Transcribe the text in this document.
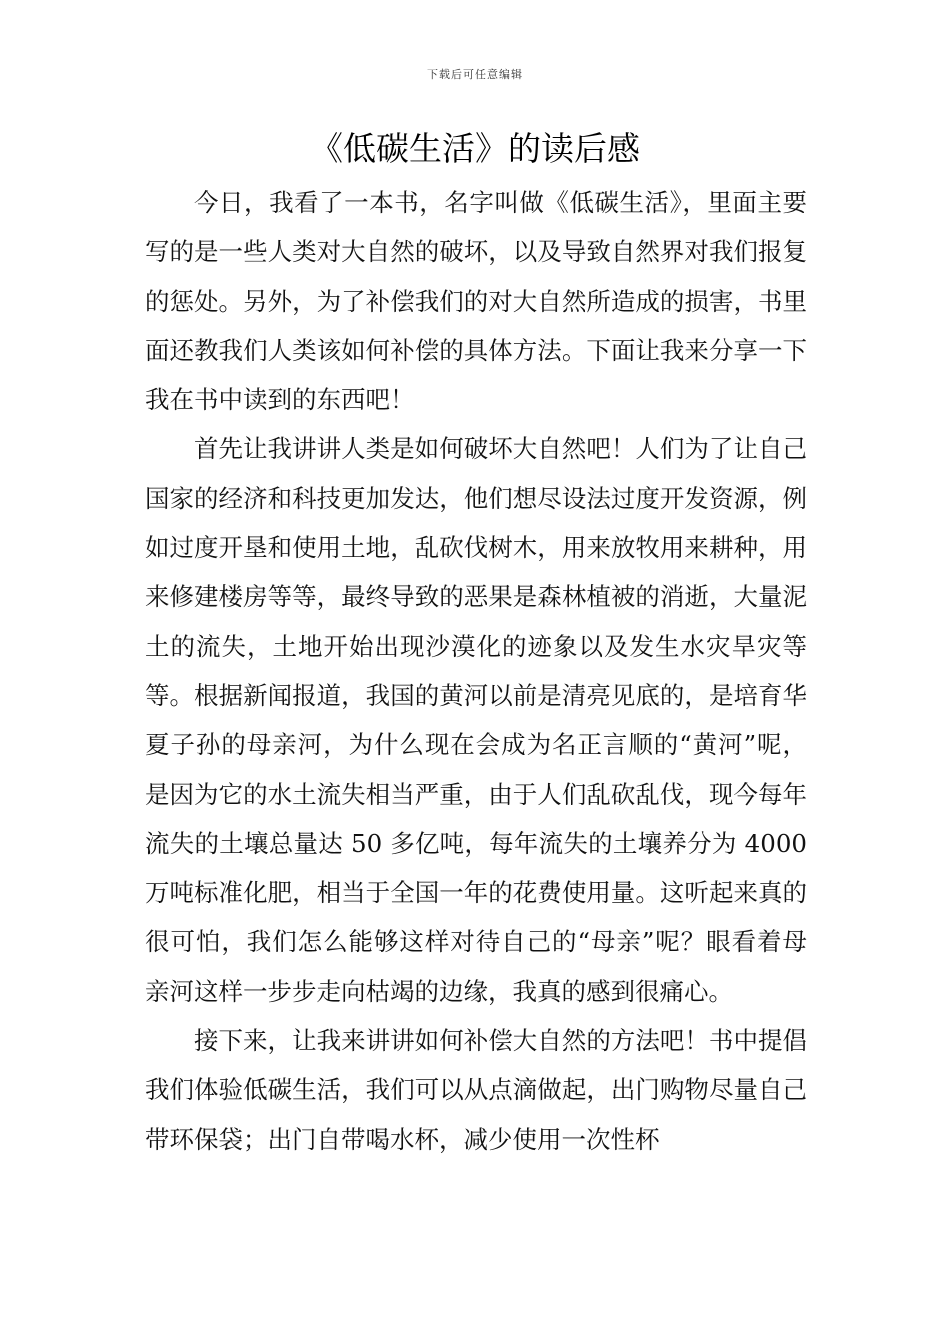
下载后可任意编辑
《低碳生活》的读后感

今日，我看了一本书，名字叫做《低碳生活》，里面主要写的是一些人类对大自然的破坏，以及导致自然界对我们报复的惩处。另外，为了补偿我们的对大自然所造成的损害，书里面还教我们人类该如何补偿的具体方法。下面让我来分享一下我在书中读到的东西吧！

首先让我讲讲人类是如何破坏大自然吧！人们为了让自己国家的经济和科技更加发达，他们想尽设法过度开发资源，例如过度开垦和使用土地，乱砍伐树木，用来放牧用来耕种，用来修建楼房等等，最终导致的恶果是森林植被的消逝，大量泥土的流失，土地开始出现沙漠化的迹象以及发生水灾旱灾等等。根据新闻报道，我国的黄河以前是清亮见底的，是培育华夏子孙的母亲河，为什么现在会成为名正言顺的“黄河”呢，是因为它的水土流失相当严重，由于人们乱砍乱伐，现今每年流失的土壤总量达 50 多亿吨，每年流失的土壤养分为 4000 万吨标准化肥，相当于全国一年的花费使用量。这听起来真的很可怕，我们怎么能够这样对待自己的“母亲”呢？眼看着母亲河这样一步步走向枯竭的边缘，我真的感到很痛心。

接下来，让我来讲讲如何补偿大自然的方法吧！书中提倡我们体验低碳生活，我们可以从点滴做起，出门购物尽量自己带环保袋；出门自带喝水杯，减少使用一次性杯
